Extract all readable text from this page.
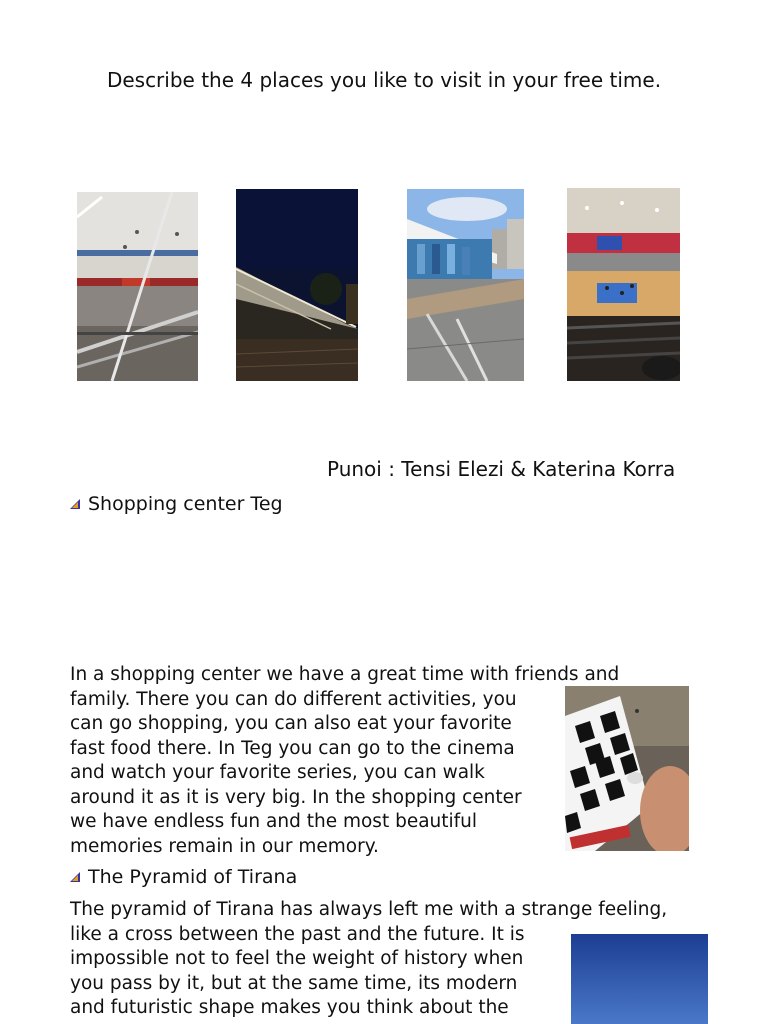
Describe the 4 places you like to visit in your free time.
Punoi : Tensi Elezi & Katerina Korra
Shopping center Teg
In a shopping center we have a great time with friends and
family. There you can do different activities, you
can go shopping, you can also eat your favorite
fast food there. In Teg you can go to the cinema
and watch your favorite series, you can walk
around it as it is very big. In the shopping center
we have endless fun and the most beautiful
memories remain in our memory.
The Pyramid of Tirana
The pyramid of Tirana has always left me with a strange feeling,
like a cross between the past and the future. It is
impossible not to feel the weight of history when
you pass by it, but at the same time, its modern
and futuristic shape makes you think about the
